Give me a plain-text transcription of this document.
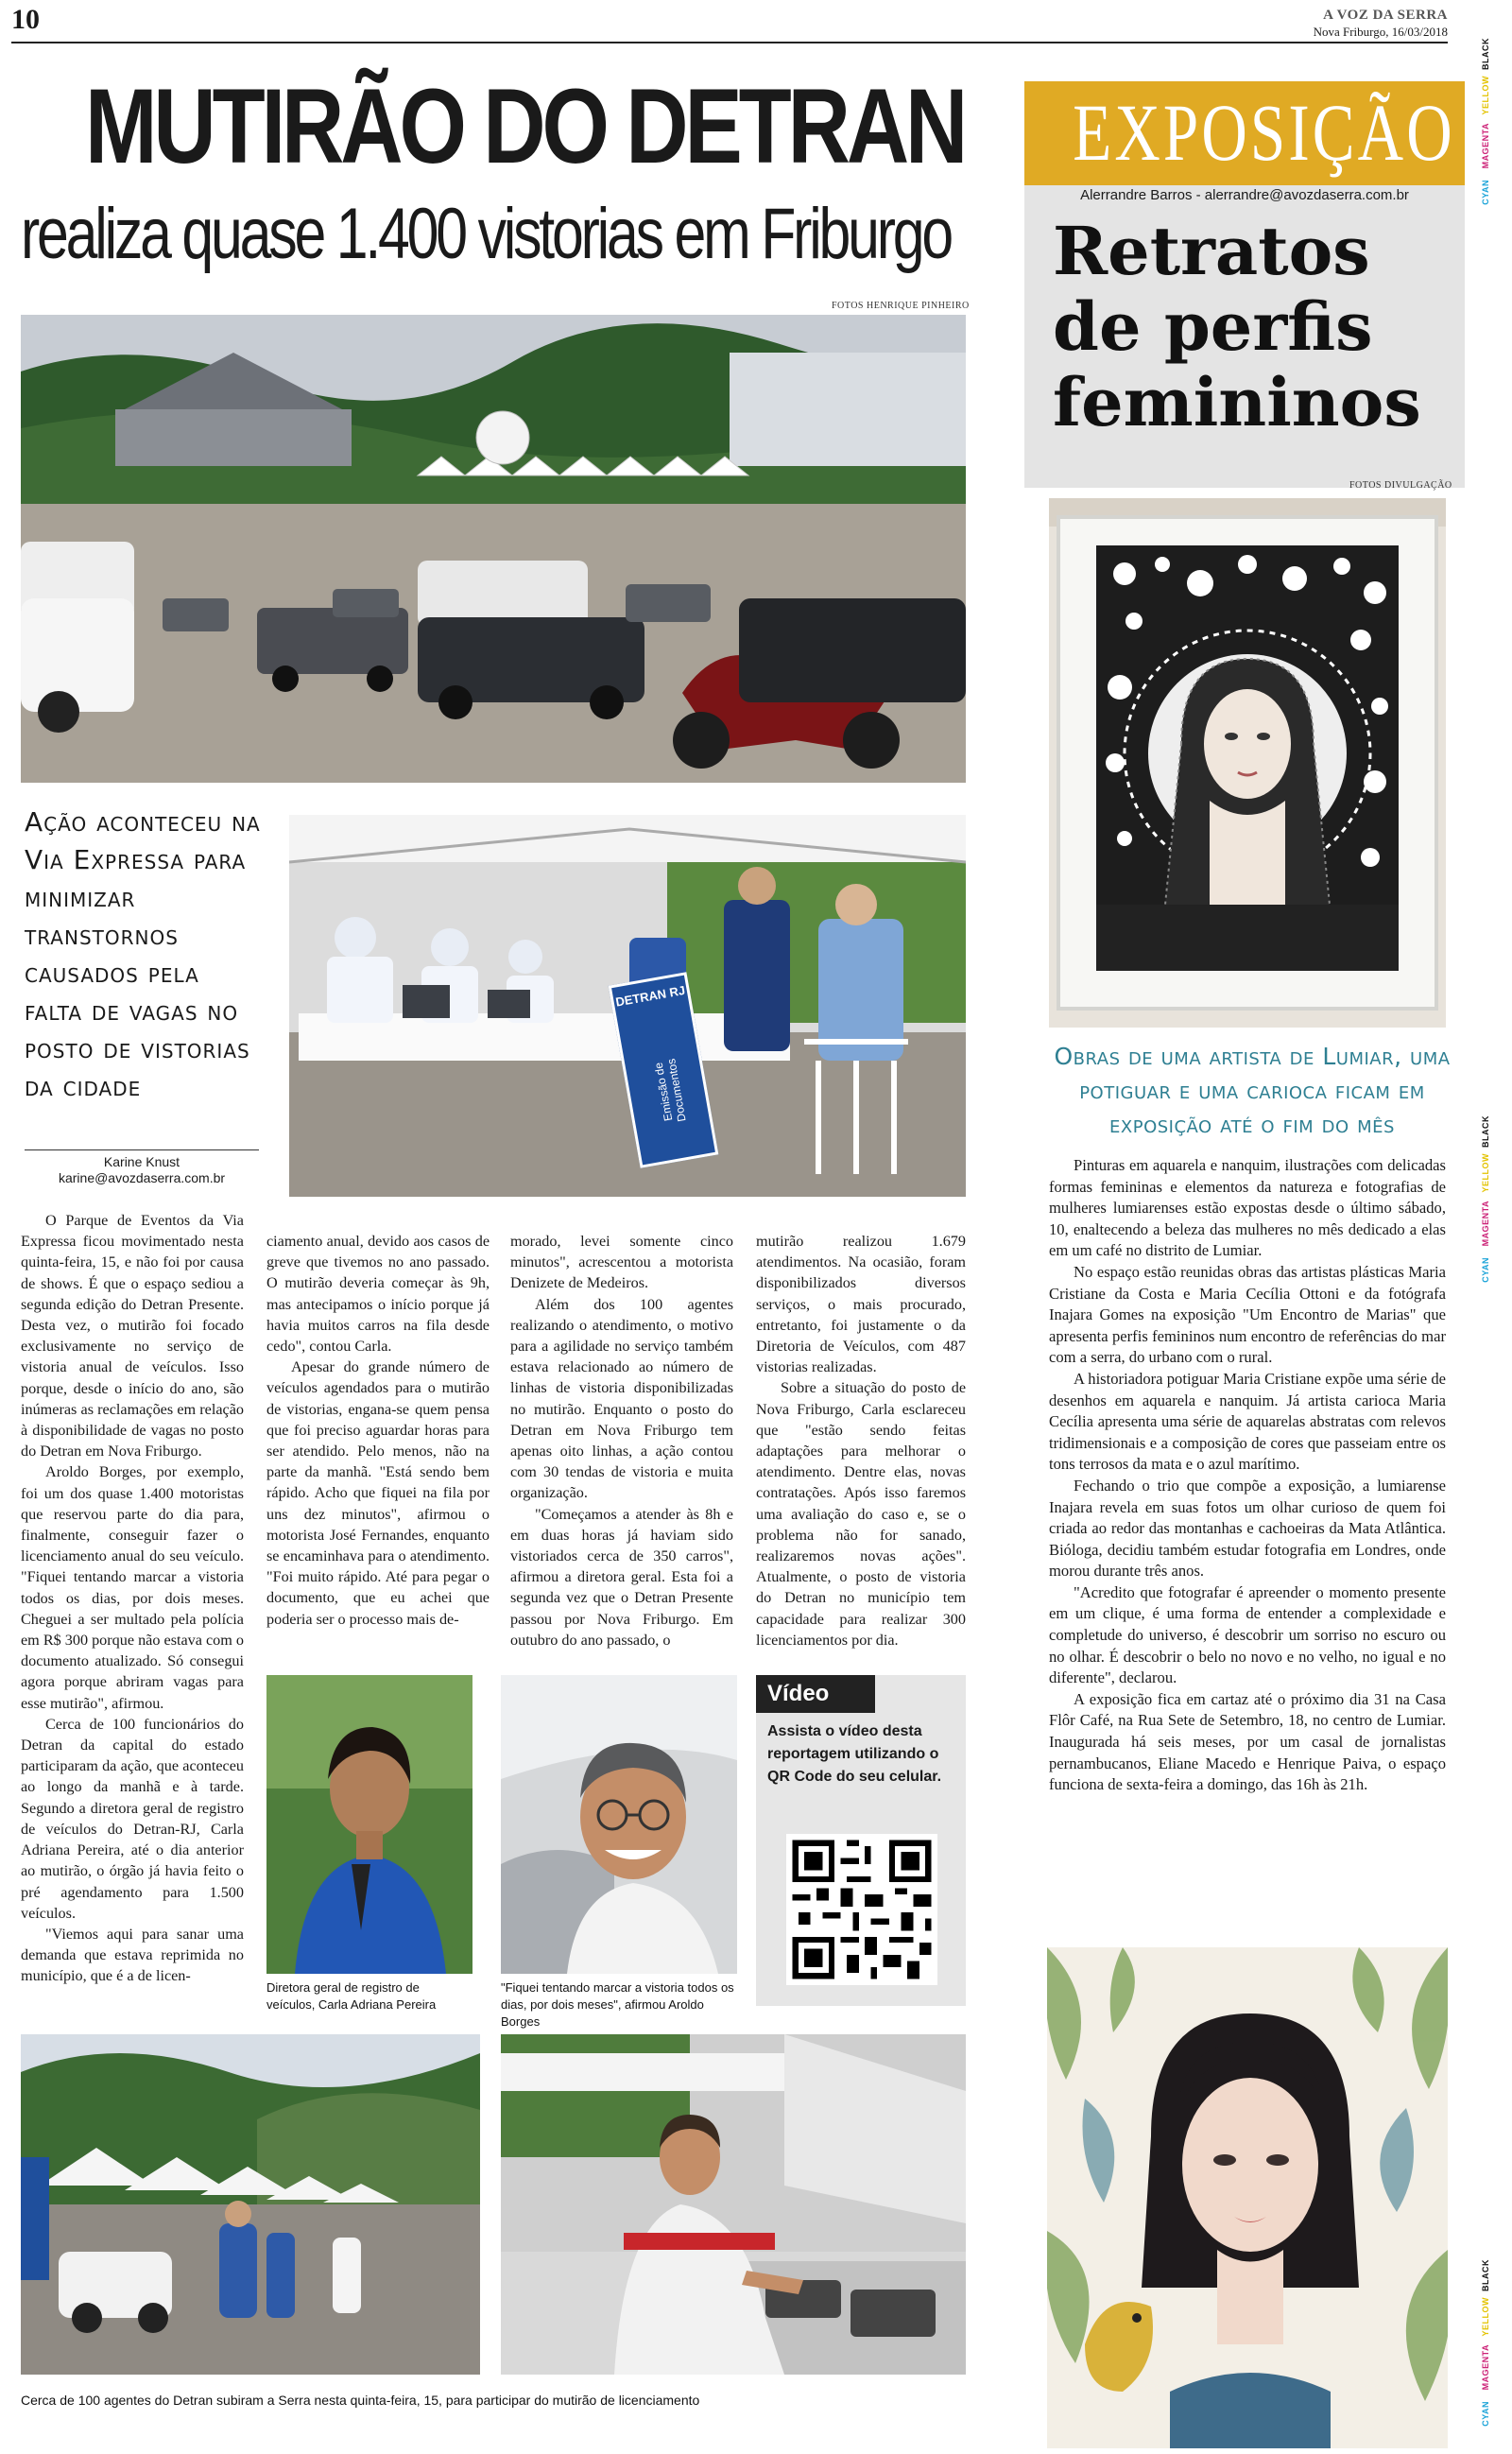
10	A VOZ DA SERRA
Nova Friburgo, 16/03/2018
BLACK
YELLOW
MAGENTA
CYAN
BLACK
YELLOW
MAGENTA
CYAN
BLACK
YELLOW
MAGENTA
CYAN
MUTIRÃO DO DETRAN
realiza quase 1.400 vistorias em Friburgo
FOTOS HENRIQUE PINHEIRO
Ação aconteceu na Via Expressa para minimizar transtornos causados pela falta de vagas no posto de vistorias da cidade
Karine Knust
karine@avozdaserra.com.br
DETRAN RJ
Emissão de Documentos

O Parque de Eventos da Via Expressa ficou movimentado nesta quinta-feira, 15, e não foi por causa de shows. É que o espaço sediou a segunda edição do Detran Presente. Desta vez, o mutirão foi focado exclusivamente no serviço de vistoria anual de veículos. Isso porque, desde o início do ano, são inúmeras as reclamações em relação à disponibilidade de vagas no posto do Detran em Nova Friburgo.

Aroldo Borges, por exemplo, foi um dos quase 1.400 motoristas que reservou parte do dia para, finalmente, conseguir fazer o licenciamento anual do seu veículo. "Fiquei tentando marcar a vistoria todos os dias, por dois meses. Cheguei a ser multado pela polícia em R$ 300 porque não estava com o documento atualizado. Só consegui agora porque abriram vagas para esse mutirão", afirmou.

Cerca de 100 funcionários do Detran da capital do estado participaram da ação, que aconteceu ao longo da manhã e à tarde. Segundo a diretora geral de registro de veículos do Detran-RJ, Carla Adriana Pereira, até o dia anterior ao mutirão, o órgão já havia feito o pré agendamento para 1.500 veículos.

"Viemos aqui para sanar uma demanda que estava reprimida no município, que é a de licen-

ciamento anual, devido aos casos de greve que tivemos no ano passado. O mutirão deveria começar às 9h, mas antecipamos o início porque já havia muitos carros na fila desde cedo", contou Carla.

Apesar do grande número de veículos agendados para o mutirão de vistorias, engana-se quem pensa que foi preciso aguardar horas para ser atendido. Pelo menos, não na parte da manhã. "Está sendo bem rápido. Acho que fiquei na fila por uns dez minutos", afirmou o motorista José Fernandes, enquanto se encaminhava para o atendimento. "Foi muito rápido. Até para pegar o documento, que eu achei que poderia ser o processo mais de-

morado, levei somente cinco minutos", acrescentou a motorista Denizete de Medeiros.

Além dos 100 agentes realizando o atendimento, o motivo para a agilidade no serviço também estava relacionado ao número de linhas de vistoria disponibilizadas no mutirão. Enquanto o posto do Detran em Nova Friburgo tem apenas oito linhas, a ação contou com 30 tendas de vistoria e muita organização.

"Começamos a atender às 8h e em duas horas já haviam sido vistoriados cerca de 350 carros", afirmou a diretora geral. Esta foi a segunda vez que o Detran Presente passou por Nova Friburgo. Em outubro do ano passado, o

mutirão realizou 1.679 atendimentos. Na ocasião, foram disponibilizados diversos serviços, o mais procurado, entretanto, foi justamente o da Diretoria de Veículos, com 487 vistorias realizadas.

Sobre a situação do posto de Nova Friburgo, Carla esclareceu que "estão sendo feitas adaptações para melhorar o atendimento. Dentre elas, novas contratações. Após isso faremos uma avaliação do caso e, se o problema não for sanado, realizaremos novas ações". Atualmente, o posto de vistoria do Detran no município tem capacidade para realizar 300 licenciamentos por dia.

Diretora geral de registro de veículos, Carla Adriana Pereira
"Fiquei tentando marcar a vistoria todos os dias, por dois meses", afirmou Aroldo Borges
Vídeo
Assista o vídeo desta reportagem utilizando o QR Code do seu celular.
Cerca de 100 agentes do Detran subiram a Serra nesta quinta-feira, 15, para participar do mutirão de licenciamento
EXPOSIÇÃO
Alerrandre Barros - alerrandre@avozdaserra.com.br
Retratos
de perfis
femininos
FOTOS DIVULGAÇÃO
Obras de uma artista de Lumiar, uma potiguar e uma carioca ficam em exposição até o fim do mês

Pinturas em aquarela e nanquim, ilustrações com delicadas formas femininas e elementos da natureza e fotografias de mulheres lumiarenses estão expostas desde o último sábado, 10, enaltecendo a beleza das mulheres no mês dedicado a elas em um café no distrito de Lumiar.

No espaço estão reunidas obras das artistas plásticas Maria Cristiane da Costa e Maria Cecília Ottoni e da fotógrafa Inajara Gomes na exposição "Um Encontro de Marias" que apresenta perfis femininos num encontro de referências do mar com a serra, do urbano com o rural.

A historiadora potiguar Maria Cristiane expõe uma série de desenhos em aquarela e nanquim. Já artista carioca Maria Cecília apresenta uma série de aquarelas abstratas com relevos tridimensionais e a composição de cores que passeiam entre os tons terrosos da mata e o azul marítimo.

Fechando o trio que compõe a exposição, a lumiarense Inajara revela em suas fotos um olhar curioso de quem foi criada ao redor das montanhas e cachoeiras da Mata Atlântica. Bióloga, decidiu também estudar fotografia em Londres, onde morou durante três anos.

"Acredito que fotografar é apreender o momento presente em um clique, é uma forma de entender a complexidade e completude do universo, é descobrir um sorriso no escuro ou no olhar. É descobrir o belo no novo e no velho, no igual e no diferente", declarou.

A exposição fica em cartaz até o próximo dia 31 na Casa Flôr Café, na Rua Sete de Setembro, 18, no centro de Lumiar. Inaugurada há seis meses, por um casal de jornalistas pernambucanos, Eliane Macedo e Henrique Paiva, o espaço funciona de sexta-feira a domingo, das 16h às 21h.
